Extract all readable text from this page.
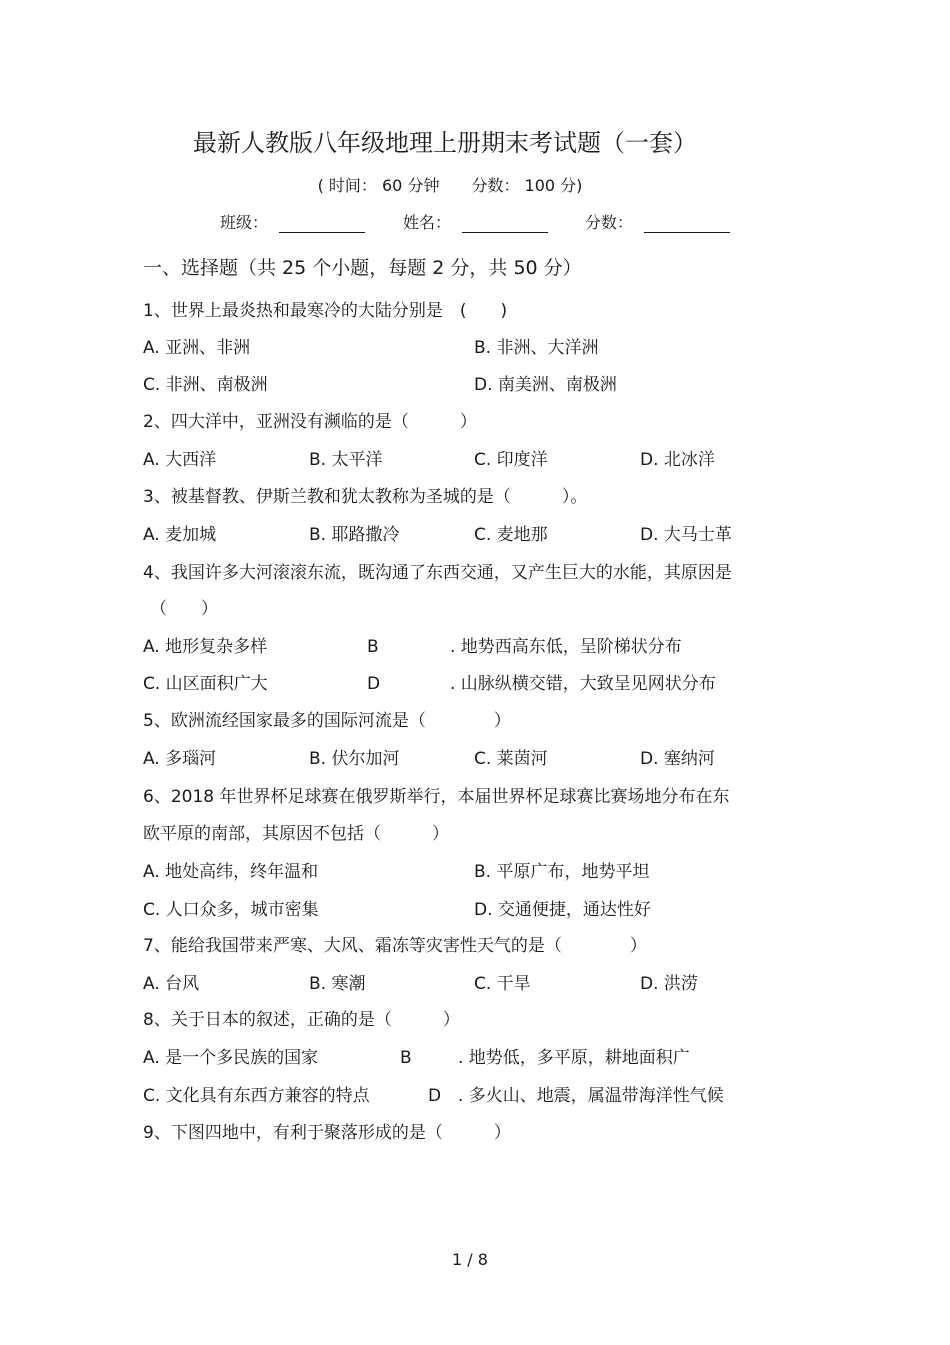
最新人教版八年级地理上册期末考试题（一套）
( 时间： 60 分钟　　分数： 100 分)
班级：	姓名：	分数：
一、选择题（共 25 个小题，每题 2 分，共 50 分）
1、世界上最炎热和最寒冷的大陆分别是　(　　)
A. 亚洲、非洲	B. 非洲、大洋洲
C. 非洲、南极洲	D. 南美洲、南极洲
2、四大洋中，亚洲没有濒临的是（　　　）
A. 大西洋	B. 太平洋	C. 印度洋	D. 北冰洋
3、被基督教、伊斯兰教和犹太教称为圣城的是（　　　）。
A. 麦加城	B. 耶路撒冷	C. 麦地那	D. 大马士革
4、我国许多大河滚滚东流，既沟通了东西交通，又产生巨大的水能，其原因是
（　　）
A. 地形复杂多样	B	. 地势西高东低，呈阶梯状分布
C. 山区面积广大	D	. 山脉纵横交错，大致呈见网状分布
5、欧洲流经国家最多的国际河流是（　　　　）
A. 多瑙河	B. 伏尔加河	C. 莱茵河	D. 塞纳河
6、2018 年世界杯足球赛在俄罗斯举行，本届世界杯足球赛比赛场地分布在东
欧平原的南部，其原因不包括（　　　）
A. 地处高纬，终年温和	B. 平原广布，地势平坦
C. 人口众多，城市密集	D. 交通便捷，通达性好
7、能给我国带来严寒、大风、霜冻等灾害性天气的是（　　　　）
A. 台风	B. 寒潮	C. 干旱	D. 洪涝
8、关于日本的叙述，正确的是（　　　）
A. 是一个多民族的国家	B	. 地势低，多平原，耕地面积广
C. 文化具有东西方兼容的特点	D . 多火山、地震，属温带海洋性气候
9、下图四地中，有利于聚落形成的是（　　　）
1 / 8
